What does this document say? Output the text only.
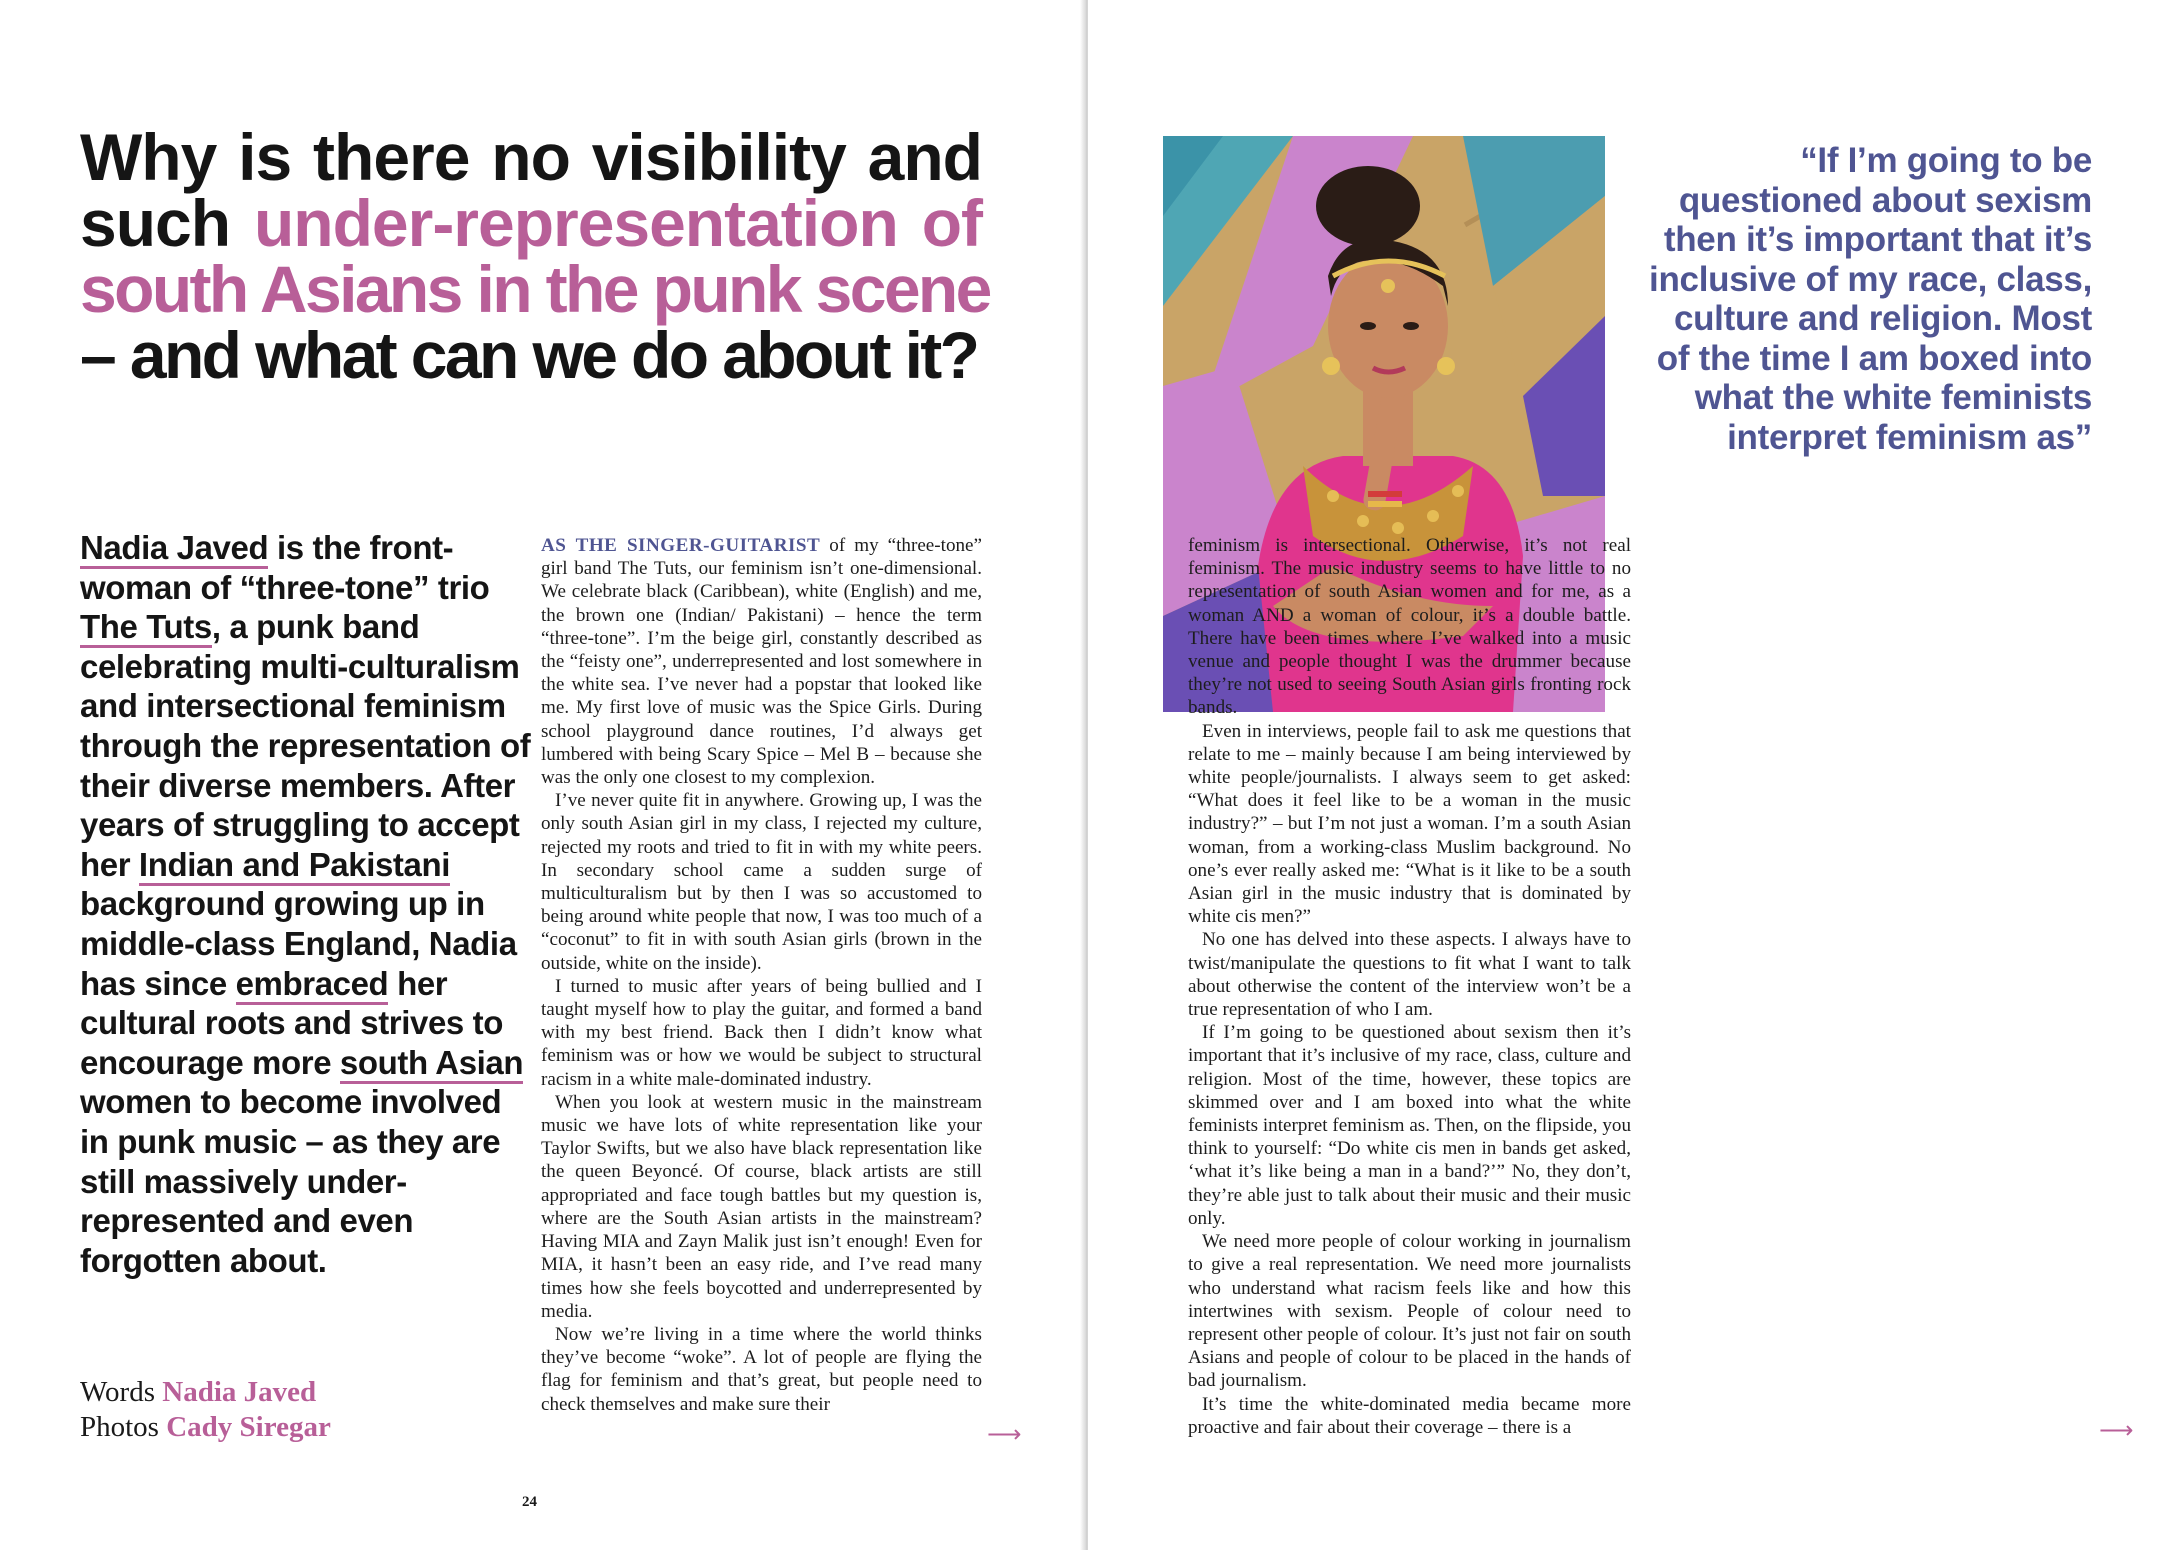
Why is there no visibility and
such under-representation of
south Asians in the punk scene
– and what can we do about it?
Nadia Javed is the front-woman of “three-tone” trio The Tuts, a punk band celebrating multi-culturalism and intersectional feminism through the representation of their diverse members. After years of struggling to accept her Indian and Pakistani background growing up in middle-class England, Nadia has since embraced her cultural roots and strives to encourage more south Asian women to become involved in punk music – as they are still massively under-represented and even forgotten about.
Words Nadia Javed
Photos Cady Siregar

AS THE SINGER-GUITARIST of my “three-tone” girl band The Tuts, our feminism isn’t one-dimensional. We celebrate black (Caribbean), white (English) and me, the brown one (Indian/ Pakistani) – hence the term “three-tone”. I’m the beige girl, constantly described as the “feisty one”, underrepresented and lost somewhere in the white sea. I’ve never had a popstar that looked like me. My first love of music was the Spice Girls. During school playground dance routines, I’d always get lumbered with being Scary Spice – Mel B – because she was the only one closest to my complexion.

I’ve never quite fit in anywhere. Growing up, I was the only south Asian girl in my class, I rejected my culture, rejected my roots and tried to fit in with my white peers. In secondary school came a sudden surge of multiculturalism but by then I was so accustomed to being around white people that now, I was too much of a “coconut” to fit in with south Asian girls (brown in the outside, white on the inside).

I turned to music after years of being bullied and I taught myself how to play the guitar, and formed a band with my best friend. Back then I didn’t know what feminism was or how we would be subject to structural racism in a white male-dominated industry.

When you look at western music in the mainstream music we have lots of white representation like your Taylor Swifts, but we also have black representation like the queen Beyoncé. Of course, black artists are still appropriated and face tough battles but my question is, where are the South Asian artists in the mainstream? Having MIA and Zayn Malik just isn’t enough! Even for MIA, it hasn’t been an easy ride, and I’ve read many times how she feels boycotted and underrepresented by media.

Now we’re living in a time where the world thinks they’ve become “woke”. A lot of people are flying the flag for feminism and that’s great, but people need to check themselves and make sure their

⟶
24
“If I’m going to be questioned about sexism then it’s important that it’s inclusive of my race, class, culture and religion. Most of the time I am boxed into what the white feminists interpret feminism as”

feminism is intersectional. Otherwise, it’s not real feminism. The music industry seems to have little to no representation of south Asian women and for me, as a woman AND a woman of colour, it’s a double battle. There have been times where I’ve walked into a music venue and people thought I was the drummer because they’re not used to seeing South Asian girls fronting rock bands.

Even in interviews, people fail to ask me questions that relate to me – mainly because I am being interviewed by white people/journalists. I always seem to get asked: “What does it feel like to be a woman in the music industry?” – but I’m not just a woman. I’m a south Asian woman, from a working-class Muslim background. No one’s ever really asked me: “What is it like to be a south Asian girl in the music industry that is dominated by white cis men?”

No one has delved into these aspects. I always have to twist/manipulate the questions to fit what I want to talk about otherwise the content of the interview won’t be a true representation of who I am.

If I’m going to be questioned about sexism then it’s important that it’s inclusive of my race, class, culture and religion. Most of the time, however, these topics are skimmed over and I am boxed into what the white feminists interpret feminism as. Then, on the flipside, you think to yourself: “Do white cis men in bands get asked, ‘what it’s like being a man in a band?’” No, they don’t, they’re able just to talk about their music and their music only.

We need more people of colour working in journalism to give a real representation. We need more journalists who understand what racism feels like and how this intertwines with sexism. People of colour need to represent other people of colour. It’s just not fair on south Asians and people of colour to be placed in the hands of bad journalism.

It’s time the white-dominated media became more proactive and fair about their coverage – there is a	⟶
